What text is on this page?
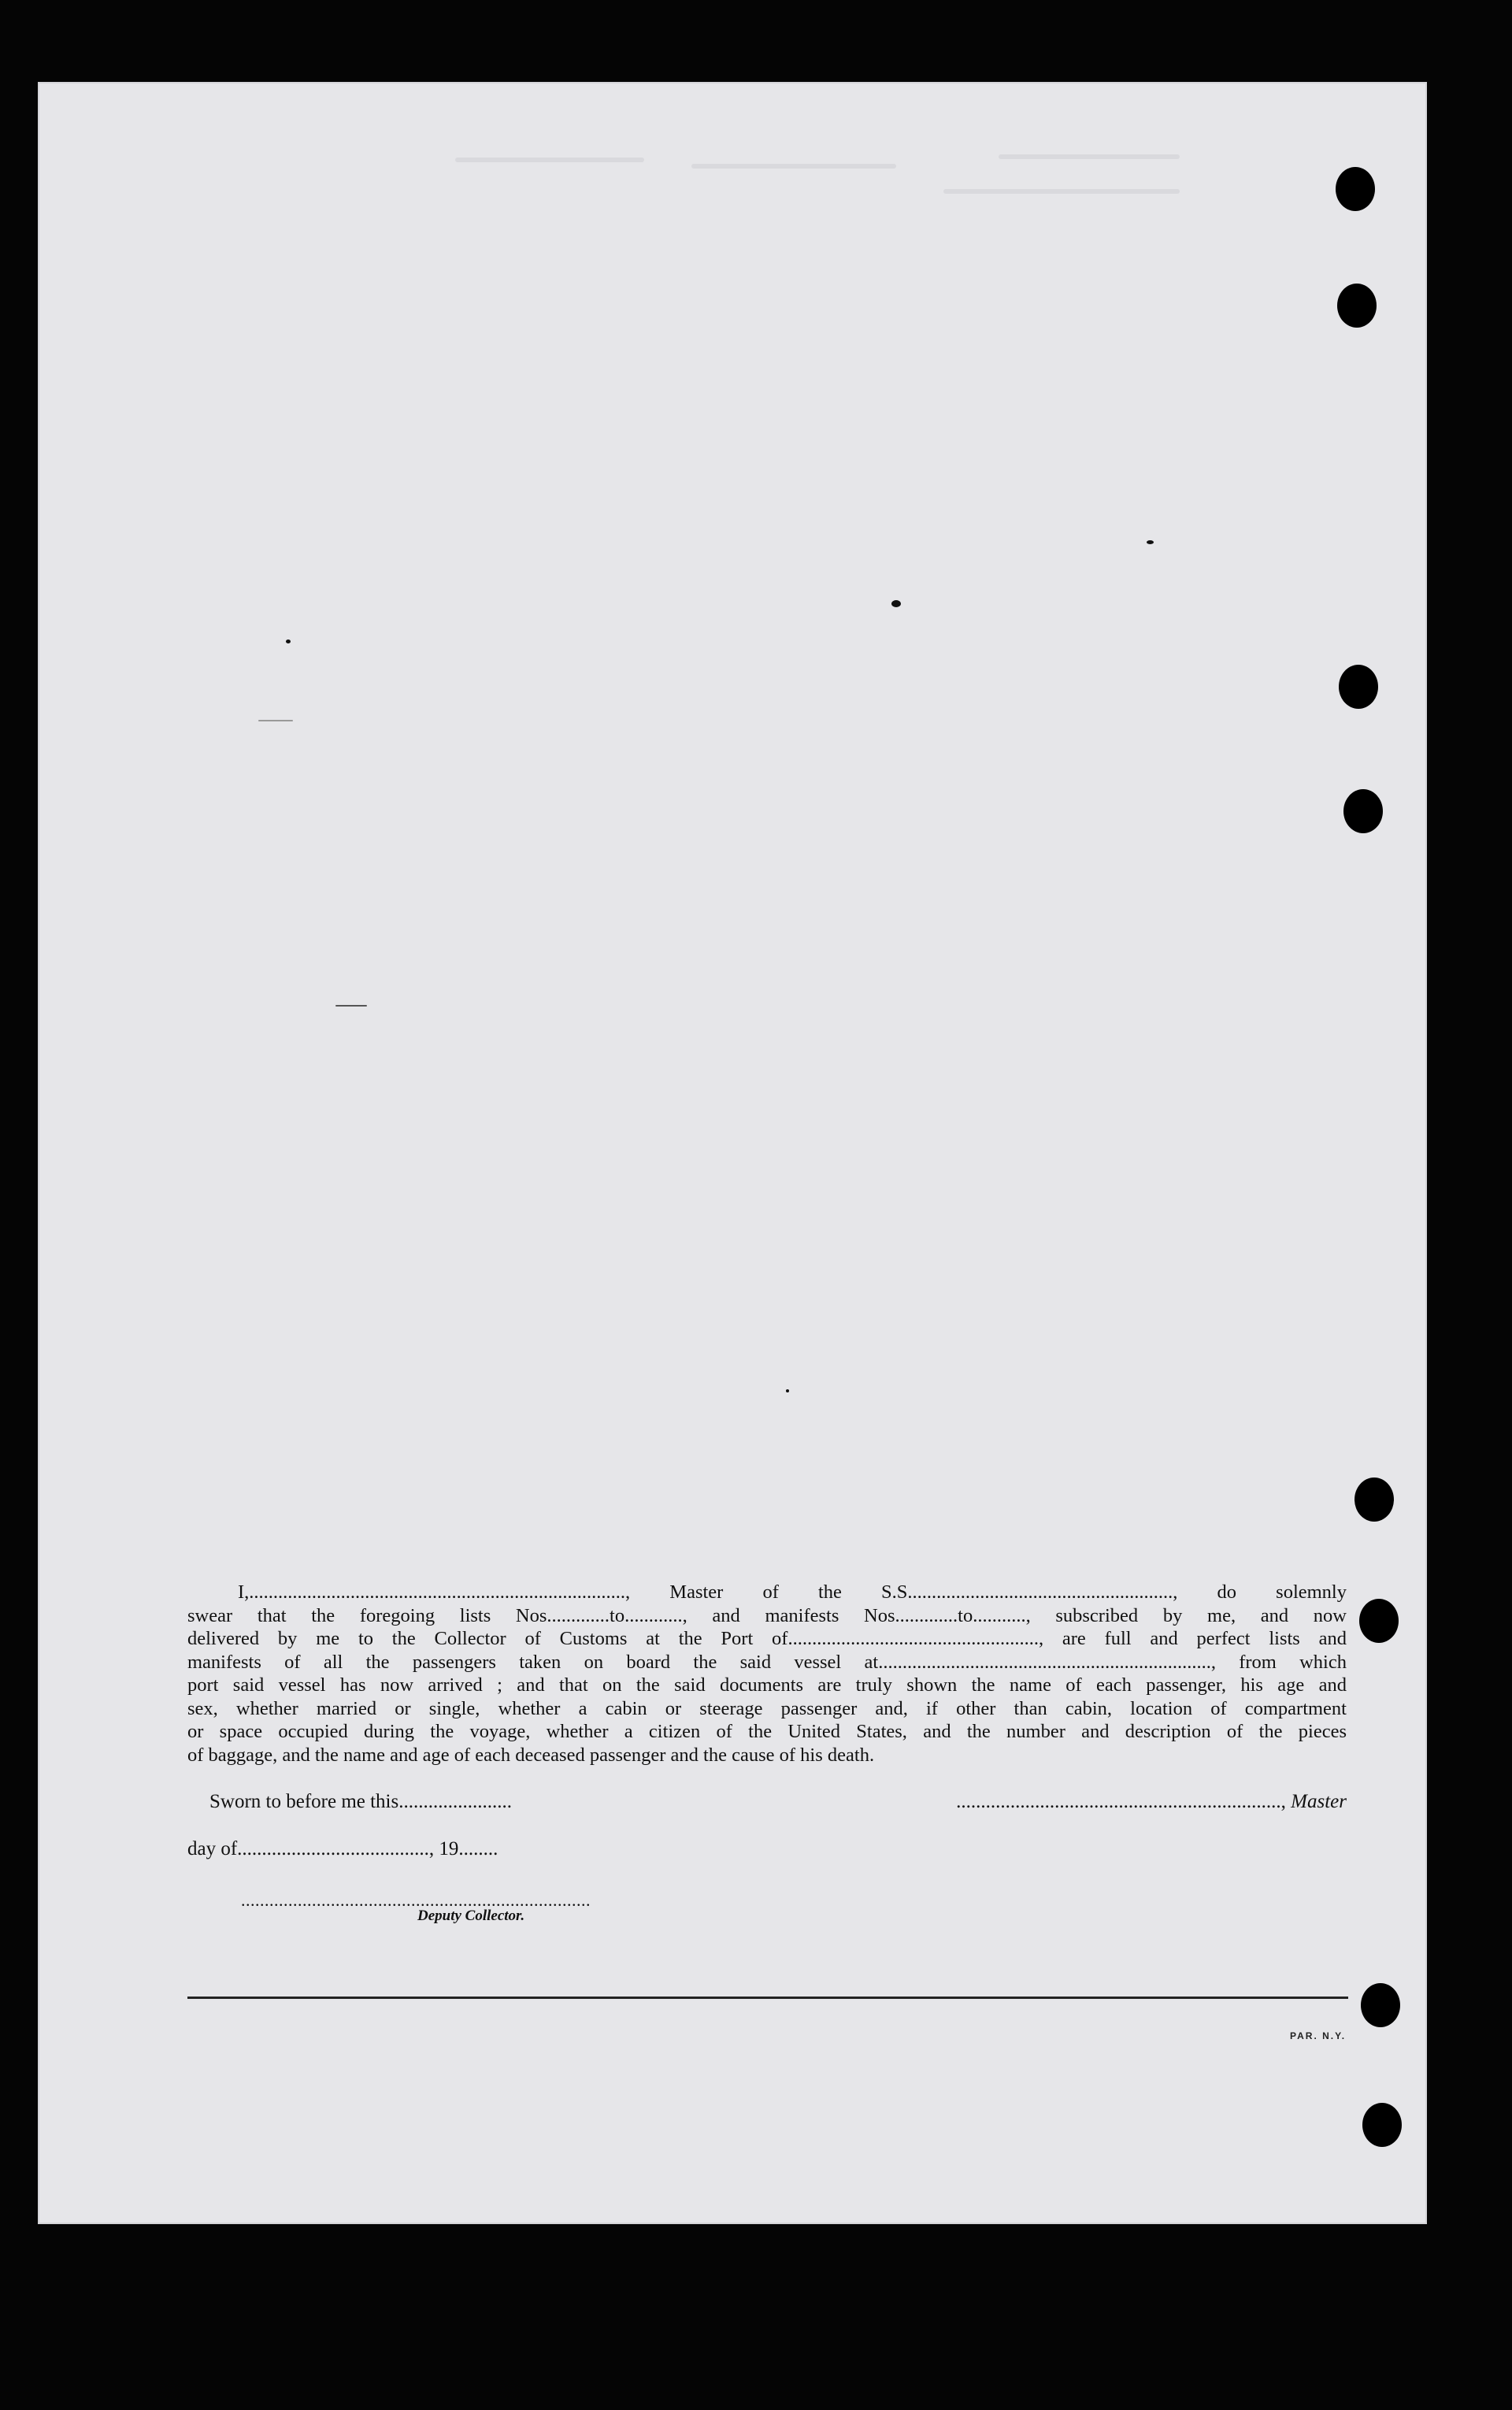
I,.............................................................................., Master of the S.S......................................................., do solemnly
swear that the foregoing lists Nos.............to............, and manifests Nos.............to..........., subscribed by me, and now
delivered by me to the Collector of Customs at the Port of...................................................., are full and perfect lists and
manifests of all the passengers taken on board the said vessel at....................................................................., from which
port said vessel has now arrived ; and that on the said documents are truly shown the name of each passenger, his age and
sex, whether married or single, whether a cabin or steerage passenger and, if other than cabin, location of compartment
or space occupied during the voyage, whether a citizen of the United States, and the number and description of the pieces
of baggage, and the name and age of each deceased passenger and the cause of his death.

Sworn to before me this.......................	.................................................................., Master
day of......................................., 19........
..........................................................................
Deputy Collector.
PAR. N.Y.
